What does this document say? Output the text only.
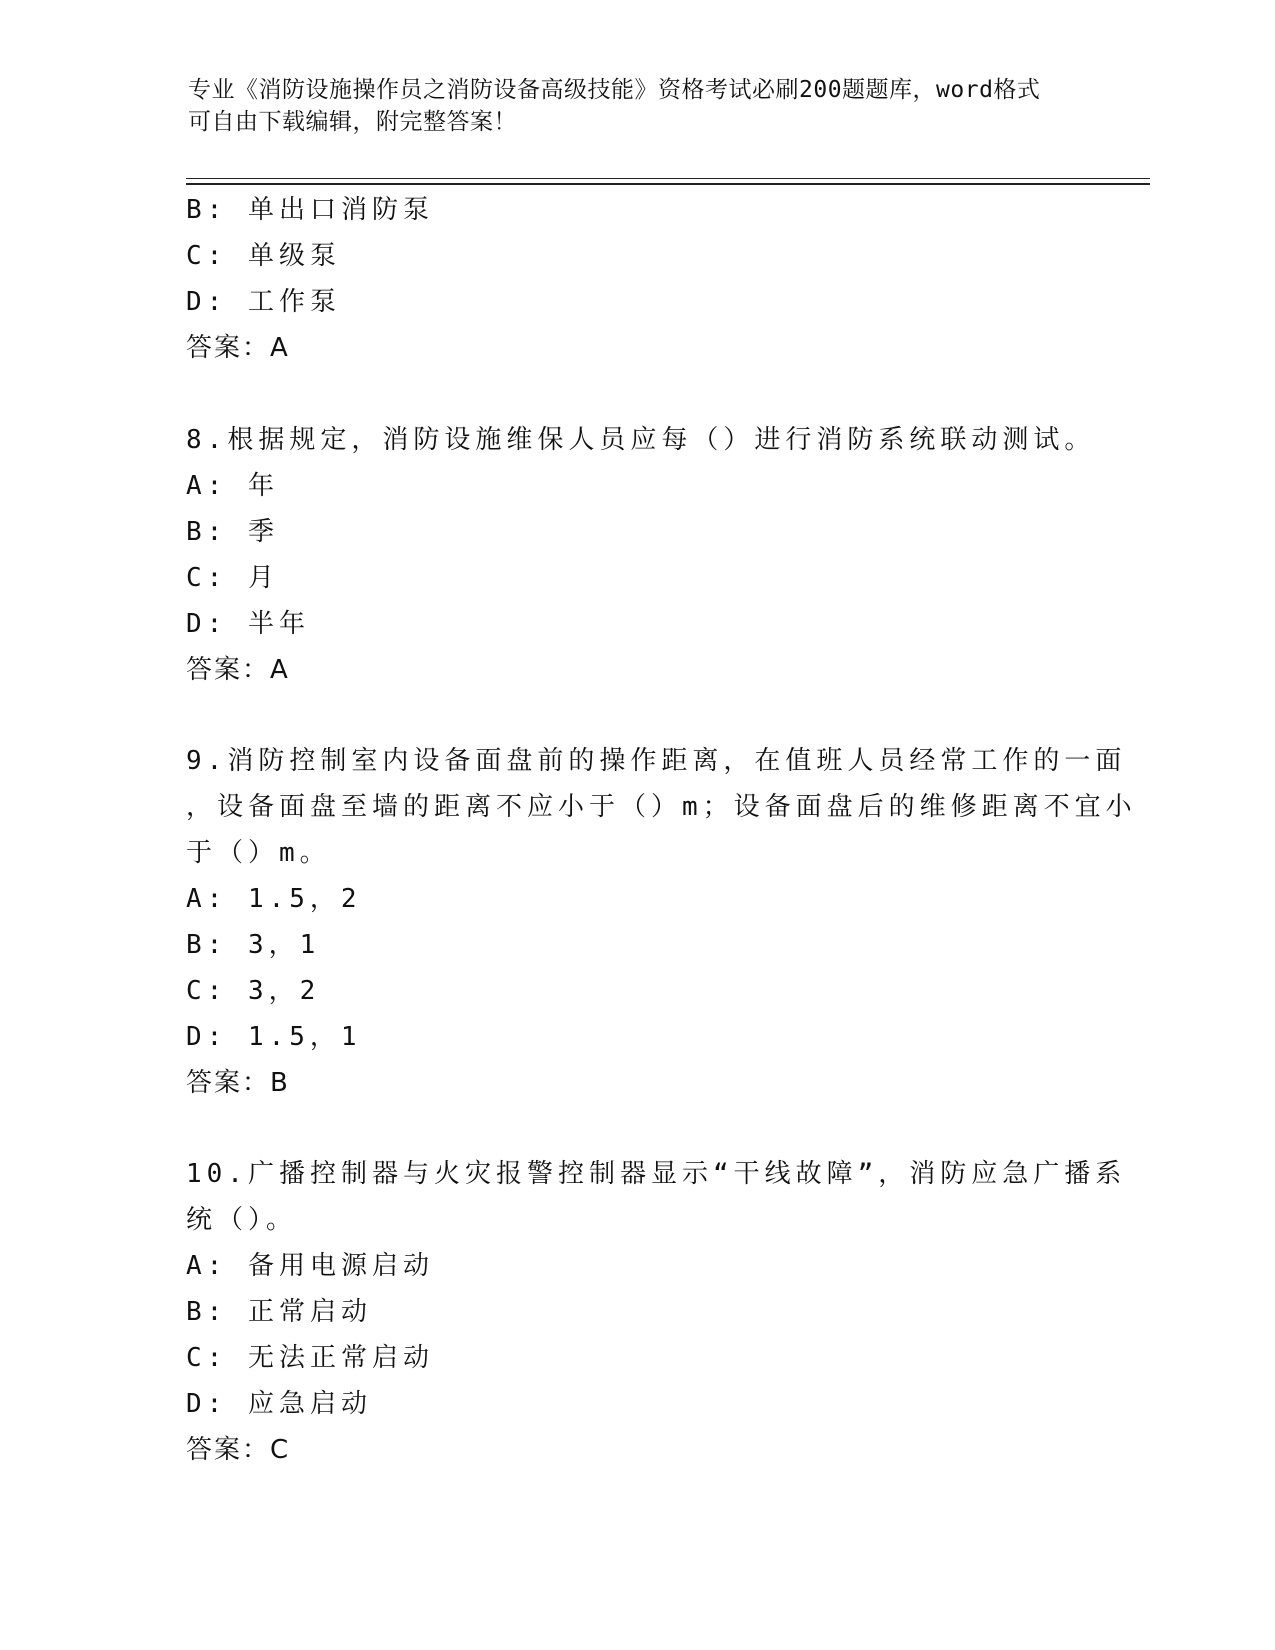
专业《消防设施操作员之消防设备高级技能》资格考试必刷200题题库，word格式可自由下载编辑，附完整答案！
B: 单出口消防泵
C: 单级泵
D: 工作泵
答案：A
8.根据规定，消防设施维保人员应每（）进行消防系统联动测试。
A: 年
B: 季
C: 月
D: 半年
答案：A
9.消防控制室内设备面盘前的操作距离，在值班人员经常工作的一面
，设备面盘至墙的距离不应小于（）m；设备面盘后的维修距离不宜小
于（）m。
A: 1.5，2
B: 3，1
C: 3，2
D: 1.5，1
答案：B
10.广播控制器与火灾报警控制器显示“干线故障”，消防应急广播系
统（）。
A: 备用电源启动
B: 正常启动
C: 无法正常启动
D: 应急启动
答案：C
